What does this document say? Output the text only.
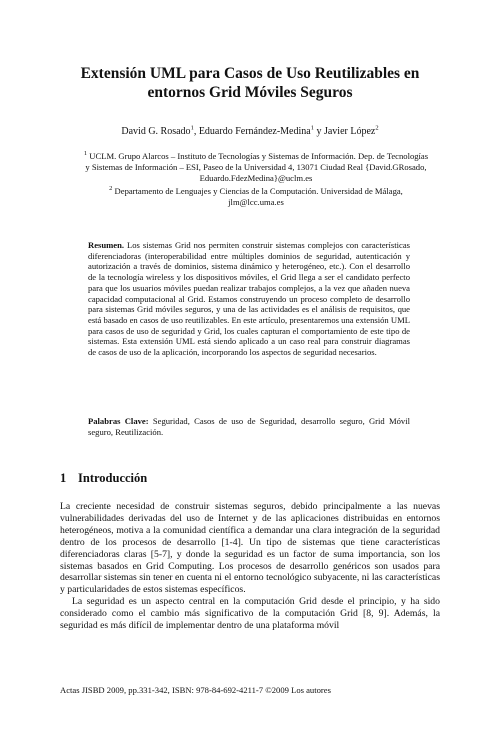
Extensión UML para Casos de Uso Reutilizables en entornos Grid Móviles Seguros
David G. Rosado$^1$, Eduardo Fernández-Medina$^1$ y Javier López$^2$

$^1$ UCLM. Grupo Alarcos – Instituto de Tecnologías y Sistemas de Información. Dep. de Tecnologías y Sistemas de Información – ESI, Paseo de la Universidad 4, 13071 Ciudad Real {David.GRosado, Eduardo.FdezMedina}@uclm.es

$^2$ Departamento de Lenguajes y Ciencias de la Computación. Universidad de Málaga, jlm@lcc.uma.es

Resumen. Los sistemas Grid nos permiten construir sistemas complejos con características diferenciadoras (interoperabilidad entre múltiples dominios de seguridad, autenticación y autorización a través de dominios, sistema dinámico y heterogéneo, etc.). Con el desarrollo de la tecnología wireless y los dispositivos móviles, el Grid llega a ser el candidato perfecto para que los usuarios móviles puedan realizar trabajos complejos, a la vez que añaden nueva capacidad computacional al Grid. Estamos construyendo un proceso completo de desarrollo para sistemas Grid móviles seguros, y una de las actividades es el análisis de requisitos, que está basado en casos de uso reutilizables. En este artículo, presentaremos una extensión UML para casos de uso de seguridad y Grid, los cuales capturan el comportamiento de este tipo de sistemas. Esta extensión UML está siendo aplicado a un caso real para construir diagramas de casos de uso de la aplicación, incorporando los aspectos de seguridad necesarios.

Palabras Clave: Seguridad, Casos de uso de Seguridad, desarrollo seguro, Grid Móvil seguro, Reutilización.

1 Introducción

La creciente necesidad de construir sistemas seguros, debido principalmente a las nuevas vulnerabilidades derivadas del uso de Internet y de las aplicaciones distribuidas en entornos heterogéneos, motiva a la comunidad científica a demandar una clara integración de la seguridad dentro de los procesos de desarrollo [1-4]. Un tipo de sistemas que tiene características diferenciadoras claras [5-7], y donde la seguridad es un factor de suma importancia, son los sistemas basados en Grid Computing. Los procesos de desarrollo genéricos son usados para desarrollar sistemas sin tener en cuenta ni el entorno tecnológico subyacente, ni las características y particularidades de estos sistemas específicos.

La seguridad es un aspecto central en la computación Grid desde el principio, y ha sido considerado como el cambio más significativo de la computación Grid [8, 9]. Además, la seguridad es más difícil de implementar dentro de una plataforma móvil

Actas JISBD 2009, pp.331-342, ISBN: 978-84-692-4211-7 ©2009 Los autores
